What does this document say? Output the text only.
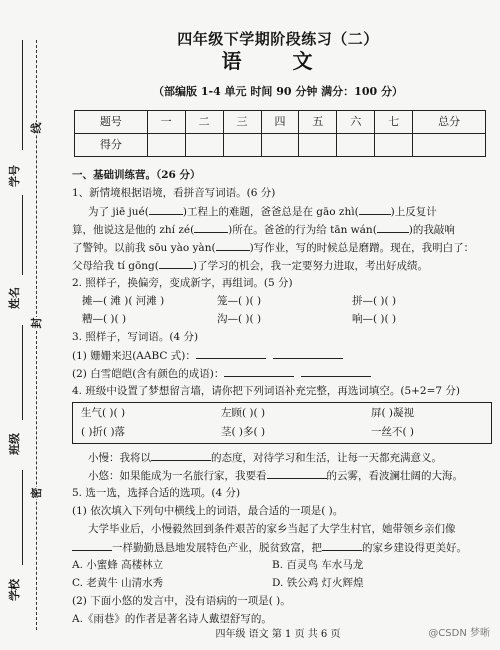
线
封
密
学号
姓名
班级
学校
四年级下学期阶段练习（二）
语 文
（部编版 1-4 单元 时间 90 分钟 满分：100 分）
题号	一	二	三	四	五	六	七	总分
得分								
一、基础训练营。（26 分）
1、新情境根据语境，看拼音写词语。(6 分)
为了 jiē jué(	)工程上的难题，爸爸总是在 gāo zhì(	)上反复计
算，他说这是他的 zhí zé(	)所在。爸爸的行为给 tān wán(	)的我敲响
了警钟。以前我 sōu yào yàn(	)写作业，写的时候总是磨蹭。现在，我明白了：
父母给我 tí gōng(	)了学习的机会，我一定要努力进取，考出好成绩。
2. 照样子，换偏旁，变成新字，再组词。(5 分)
摊—( 滩 )( 河滩 )	笼—( )( )	拼—( )( )
糟—( )( )	沟—( )( )	响—( )( )
3. 照样子，写词语。(4 分)
(1) 姗姗来迟(AABC 式)：
(2) 白雪皑皑(含有颜色的成语)：
4. 班级中设置了梦想留言墙，请你把下列词语补充完整，再选词填空。(5+2=7 分)
生气( )( )	左顾( )( )	屏( )凝视
( )折( )落	茎( )多( )	一丝不( )
小慢：我将以	的态度，对待学习和生活，让每一天都充满意义。
小悠：如果能成为一名旅行家，我要看	的云雾，看波澜壮阔的大海。
5. 选一选，选择合适的选项。(4 分)
(1) 依次填入下列句中横线上的词语，最合适的一项是( )。
大学毕业后，小慢毅然回到条件艰苦的家乡当起了大学生村官，她带领乡亲们像
一样勤勤恳恳地发展特色产业，脱贫致富，把	的家乡建设得更美好。
A. 小蜜蜂 高楼林立	B. 百灵鸟 车水马龙
C. 老黄牛 山清水秀	D. 铁公鸡 灯火辉煌
(2) 下面小悠的发言中，没有语病的一项是( )。
A.《雨巷》的作者是著名诗人戴望舒写的。
四年级 语文 第 1 页 共 6 页	@CSDN 梦晰
